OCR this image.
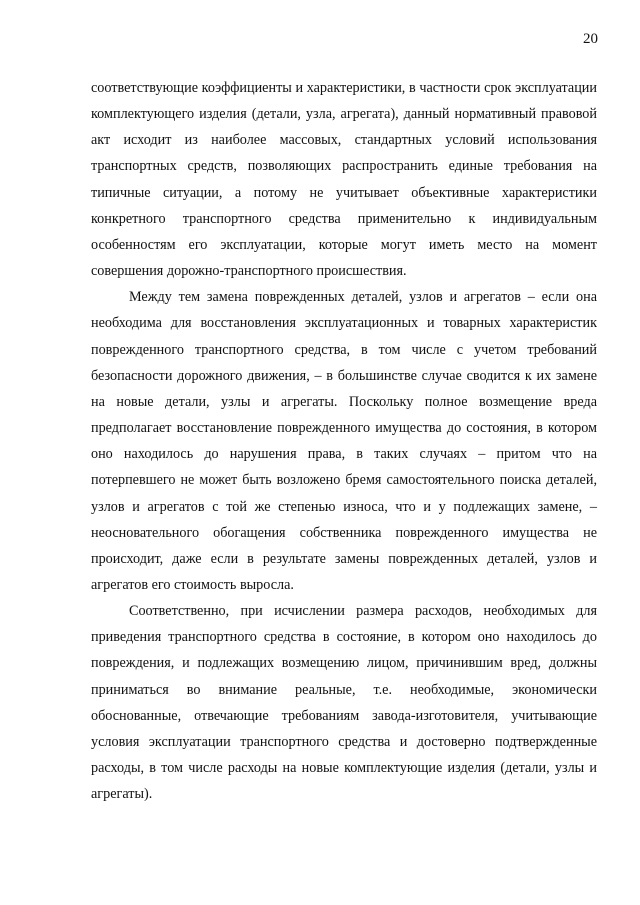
20

соответствующие коэффициенты и характеристики, в частности срок эксплуатации комплектующего изделия (детали, узла, агрегата), данный нормативный правовой акт исходит из наиболее массовых, стандартных условий использования транспортных средств, позволяющих распространить единые требования на типичные ситуации, а потому не учитывает объективные характеристики конкретного транспортного средства применительно к индивидуальным особенностям его эксплуатации, которые могут иметь место на момент совершения дорожно-транспортного происшествия.

Между тем замена поврежденных деталей, узлов и агрегатов – если она необходима для восстановления эксплуатационных и товарных характеристик поврежденного транспортного средства, в том числе с учетом требований безопасности дорожного движения, – в большинстве случае сводится к их замене на новые детали, узлы и агрегаты. Поскольку полное возмещение вреда предполагает восстановление поврежденного имущества до состояния, в котором оно находилось до нарушения права, в таких случаях – притом что на потерпевшего не может быть возложено бремя самостоятельного поиска деталей, узлов и агрегатов с той же степенью износа, что и у подлежащих замене, – неосновательного обогащения собственника поврежденного имущества не происходит, даже если в результате замены поврежденных деталей, узлов и агрегатов его стоимость выросла.

Соответственно, при исчислении размера расходов, необходимых для приведения транспортного средства в состояние, в котором оно находилось до повреждения, и подлежащих возмещению лицом, причинившим вред, должны приниматься во внимание реальные, т.е. необходимые, экономически обоснованные, отвечающие требованиям завода-изготовителя, учитывающие условия эксплуатации транспортного средства и достоверно подтвержденные расходы, в том числе расходы на новые комплектующие изделия (детали, узлы и агрегаты).
